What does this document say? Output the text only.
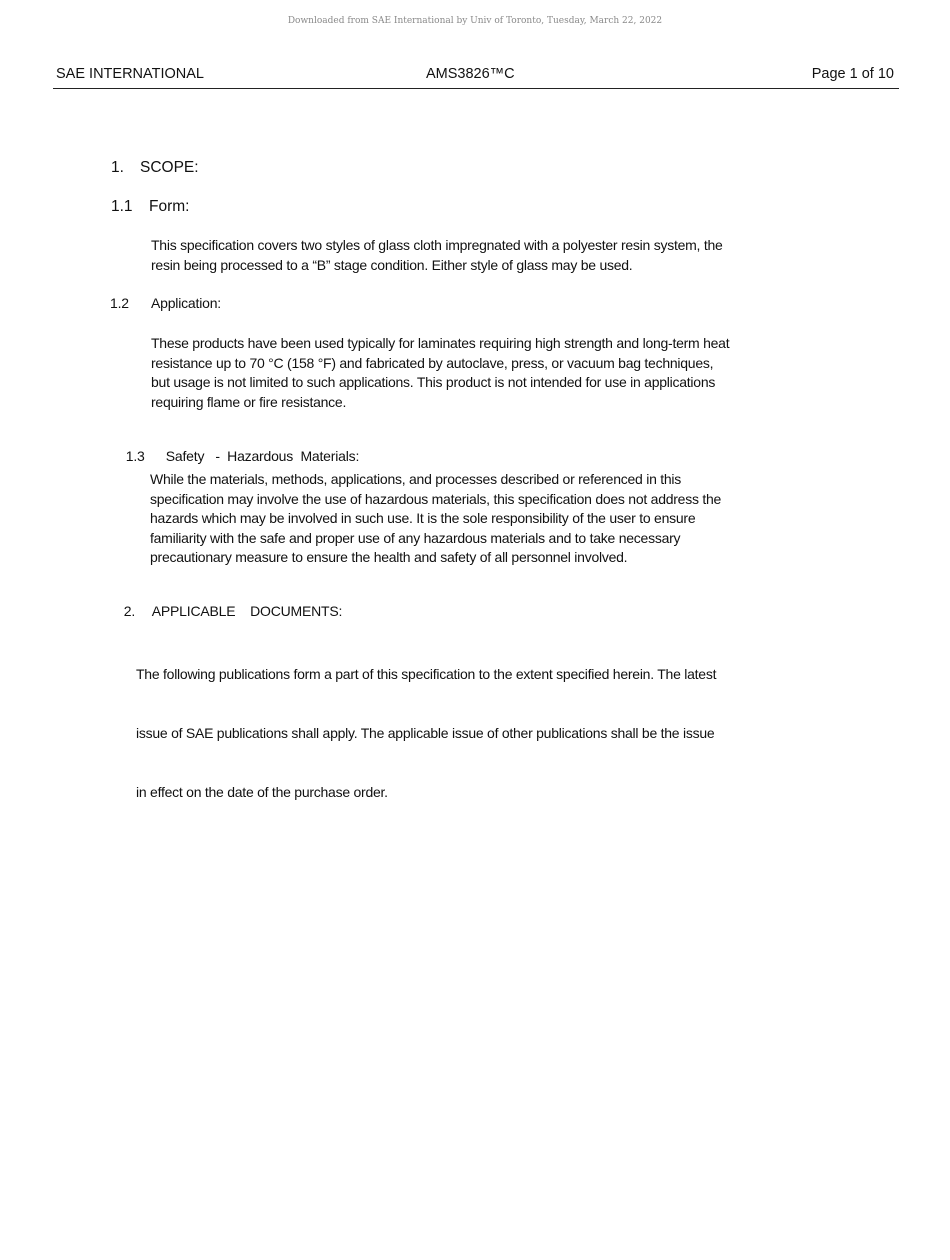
Downloaded from SAE International by Univ of Toronto, Tuesday, March 22, 2022
SAE INTERNATIONAL	AMS3826™C	Page 1 of 10
1. SCOPE:
1.1 Form:
This specification covers two styles of glass cloth impregnated with a polyester resin system, the
resin being processed to a “B” stage condition. Either style of glass may be used.
1.2 Application:
These products have been used typically for laminates requiring high strength and long-term heat
resistance up to 70 °C (158 °F) and fabricated by autoclave, press, or vacuum bag techniques,
but usage is not limited to such applications. This product is not intended for use in applications
requiring flame or fire resistance.

1.3 Safety   -  Hazardous  Materials:

While the materials, methods, applications, and processes described or referenced in this
specification may involve the use of hazardous materials, this specification does not address the
hazards which may be involved in such use. It is the sole responsibility of the user to ensure
familiarity with the safe and proper use of any hazardous materials and to take necessary
precautionary measure to ensure the health and safety of all personnel involved.

2. APPLICABLE    DOCUMENTS:

The following publications form a part of this specification to the extent specified herein. The latest

issue of SAE publications shall apply. The applicable issue of other publications shall be the issue

in effect on the date of the purchase order.
